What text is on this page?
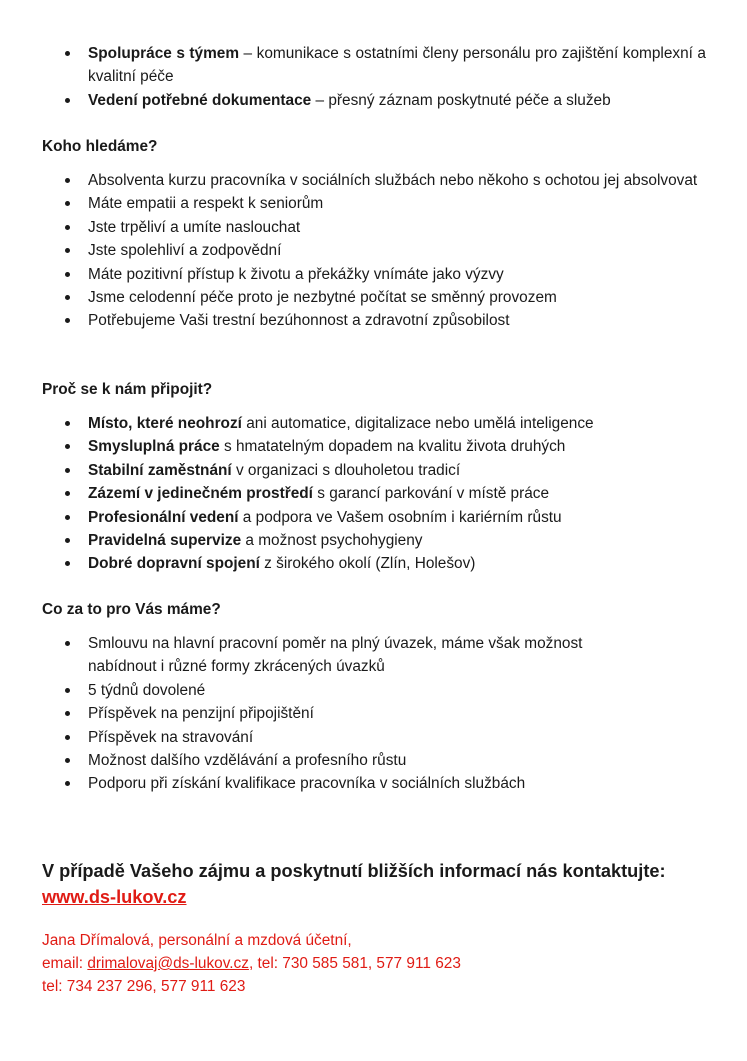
Spolupráce s týmem – komunikace s ostatními členy personálu pro zajištění komplexní a kvalitní péče
Vedení potřebné dokumentace – přesný záznam poskytnuté péče a služeb
Koho hledáme?
Absolventa kurzu pracovníka v sociálních službách nebo někoho s ochotou jej absolvovat
Máte empatii a respekt k seniorům
Jste trpěliví a umíte naslouchat
Jste spolehliví a zodpovědní
Máte pozitivní přístup k životu a překážky vnímáte jako výzvy
Jsme celodenní péče proto je nezbytné počítat se směnný provozem
Potřebujeme Vaši trestní bezúhonnost a zdravotní způsobilost
Proč se k nám připojit?
Místo, které neohrozí ani automatice, digitalizace nebo umělá inteligence
Smysluplná práce s hmatatelným dopadem na kvalitu života druhých
Stabilní zaměstnání v organizaci s dlouholetou tradicí
Zázemí v jedinečném prostředí s garancí parkování v místě práce
Profesionální vedení a podpora ve Vašem osobním i kariérním růstu
Pravidelná supervize a možnost psychohygieny
Dobré dopravní spojení z širokého okolí (Zlín, Holešov)
Co za to pro Vás máme?
Smlouvu na hlavní pracovní poměr na plný úvazek, máme však možnost nabídnout i různé formy zkrácených úvazků
5 týdnů dovolené
Příspěvek na penzijní připojištění
Příspěvek na stravování
Možnost dalšího vzdělávání a profesního růstu
Podporu při získání kvalifikace pracovníka v sociálních službách
V případě Vašeho zájmu a poskytnutí bližších informací nás kontaktujte:
www.ds-lukov.cz
Jana Dřímalová, personální a mzdová účetní,
email: drimalovaj@ds-lukov.cz, tel: 730 585 581, 577 911 623
tel: 734 237 296, 577 911 623
